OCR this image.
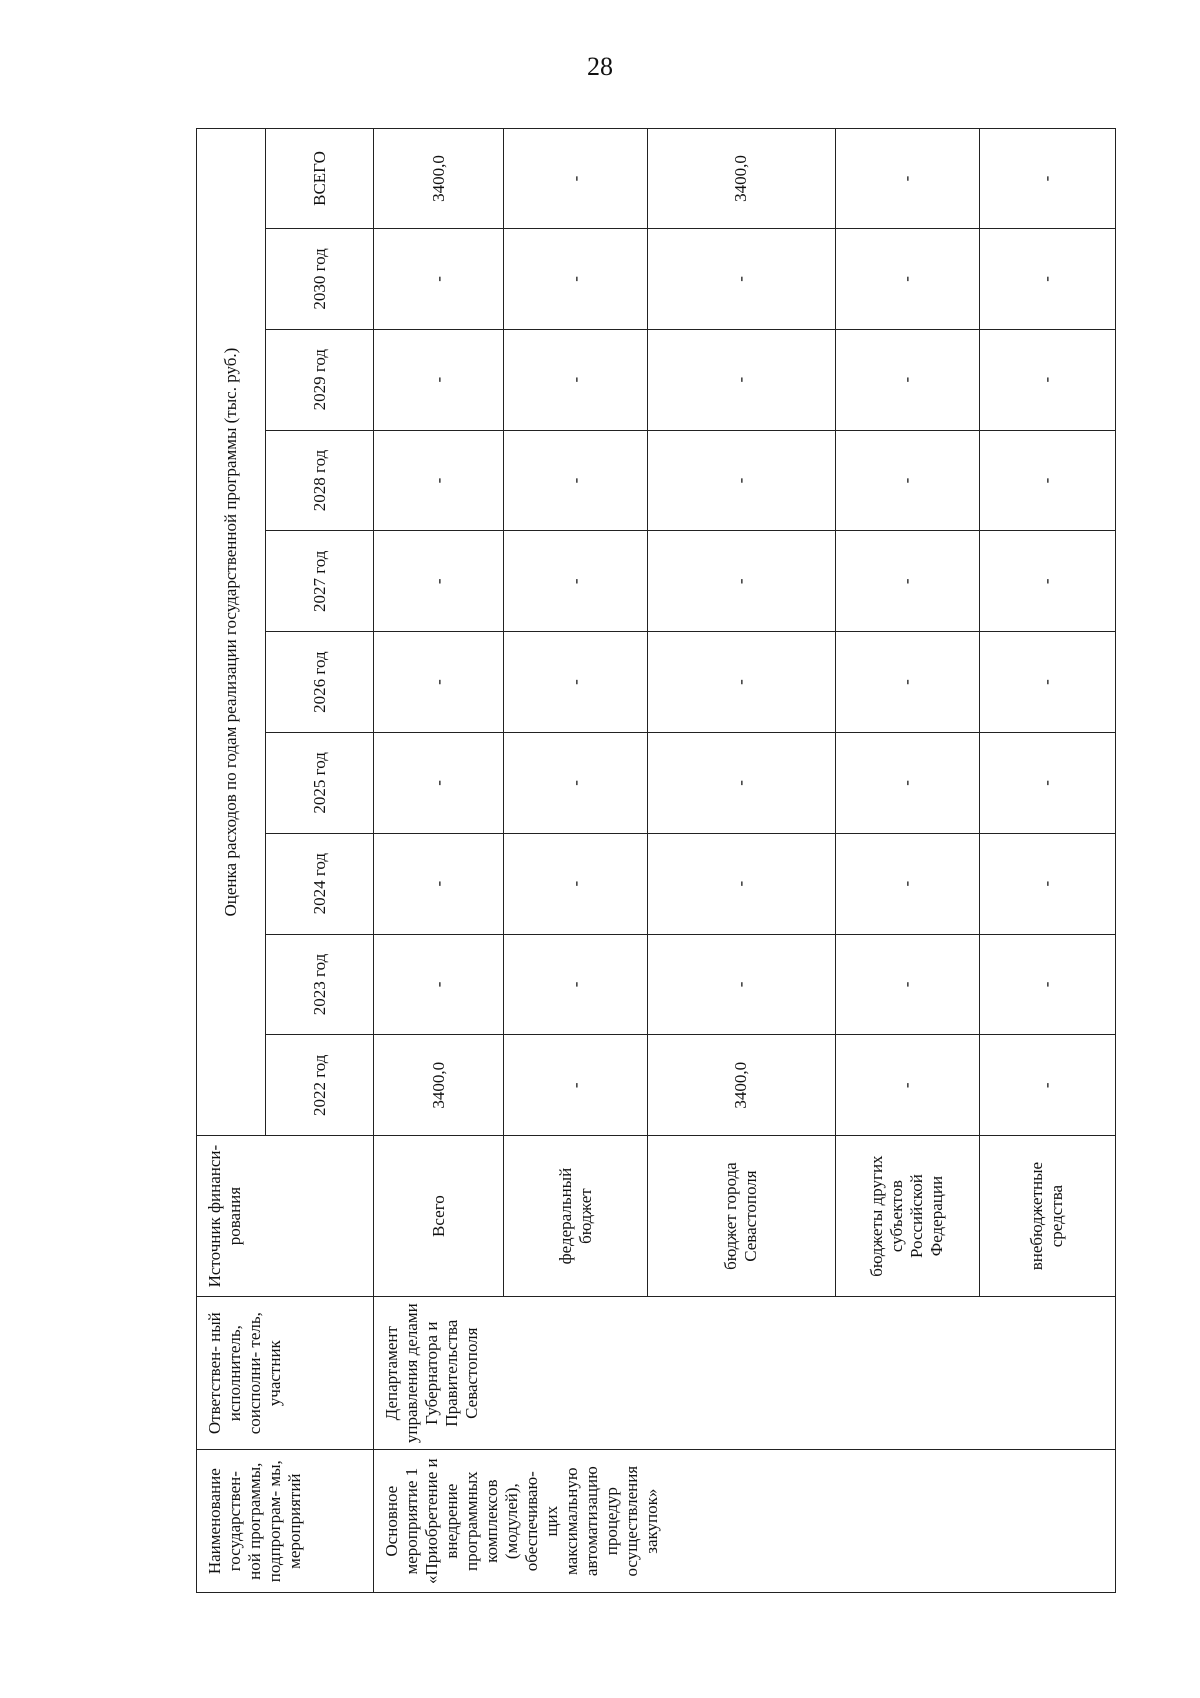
28
Наименование государствен- ной программы, подпрограм- мы, мероприятий	Ответствен- ный исполнитель, соисполни- тель, участник	Источник финанси- рования	Оценка расходов по годам реализации государственной программы (тыс. руб.)									
			2022 год	2023 год	2024 год	2025 год	2026 год	2027 год	2028 год	2029 год	2030 год	ВСЕГО
Основное мероприятие 1 «Приобретение и внедрение программных комплексов (модулей), обеспечиваю- щих максимальную автоматизацию процедур осуществления закупок»	Департамент управления делами Губернатора и Правительства Севастополя	Всего	3400,0	-	-	-	-	-	-	-	-	3400,0
		федеральный бюджет	-	-	-	-	-	-	-	-	-	-
		бюджет города Севастополя	3400,0	-	-	-	-	-	-	-	-	3400,0
		бюджеты других субъектов Российской Федерации	-	-	-	-	-	-	-	-	-	-
		внебюджетные средства	-	-	-	-	-	-	-	-	-	-
